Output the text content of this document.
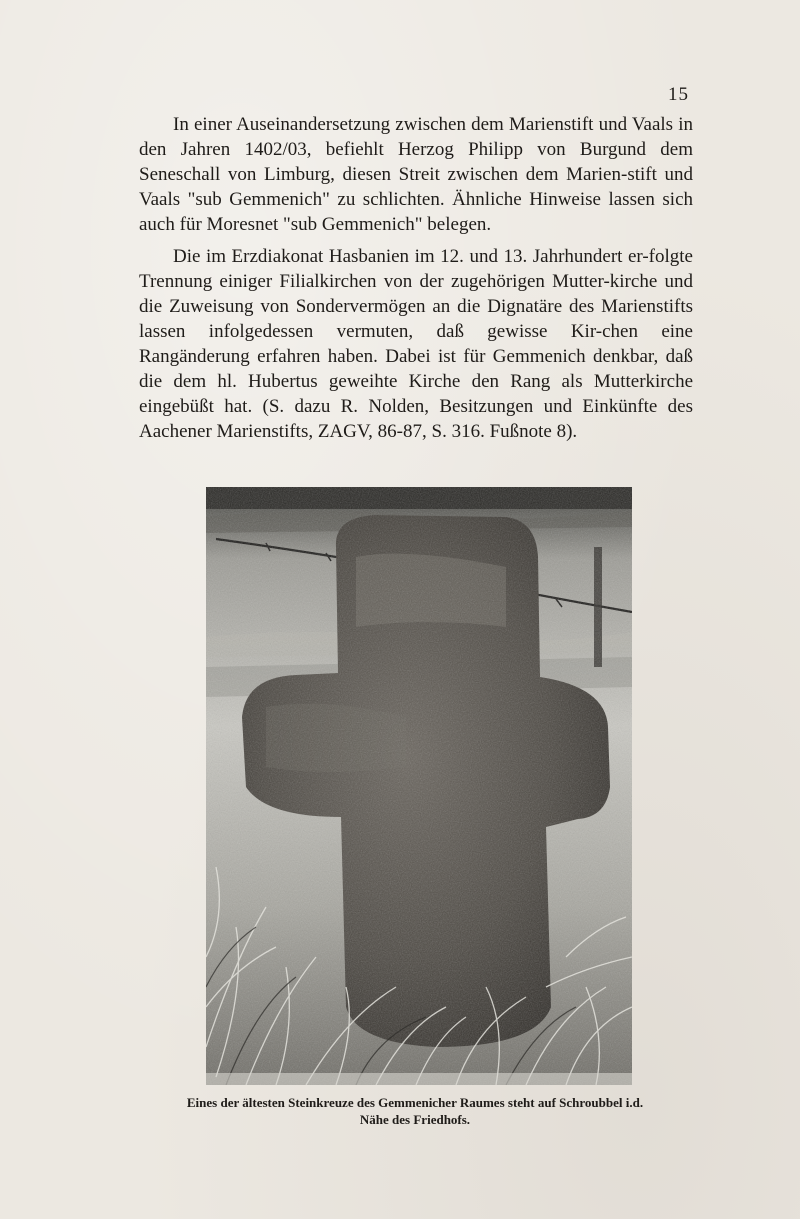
15

In einer Auseinandersetzung zwischen dem Marienstift und Vaals in den Jahren 1402/03, befiehlt Herzog Philipp von Burgund dem Seneschall von Limburg, diesen Streit zwischen dem Marien-stift und Vaals "sub Gemmenich" zu schlichten. Ähnliche Hinweise lassen sich auch für Moresnet "sub Gemmenich" belegen.

Die im Erzdiakonat Hasbanien im 12. und 13. Jahrhundert er-folgte Trennung einiger Filialkirchen von der zugehörigen Mutter-kirche und die Zuweisung von Sondervermögen an die Dignatäre des Marienstifts lassen infolgedessen vermuten, daß gewisse Kir-chen eine Rangänderung erfahren haben. Dabei ist für Gemmenich denkbar, daß die dem hl. Hubertus geweihte Kirche den Rang als Mutterkirche eingebüßt hat. (S. dazu R. Nolden, Besitzungen und Einkünfte des Aachener Marienstifts, ZAGV, 86-87, S. 316. Fußnote 8).

Eines der ältesten Steinkreuze des Gemmenicher Raumes steht auf Schroubbel i.d.
Nähe des Friedhofs.
